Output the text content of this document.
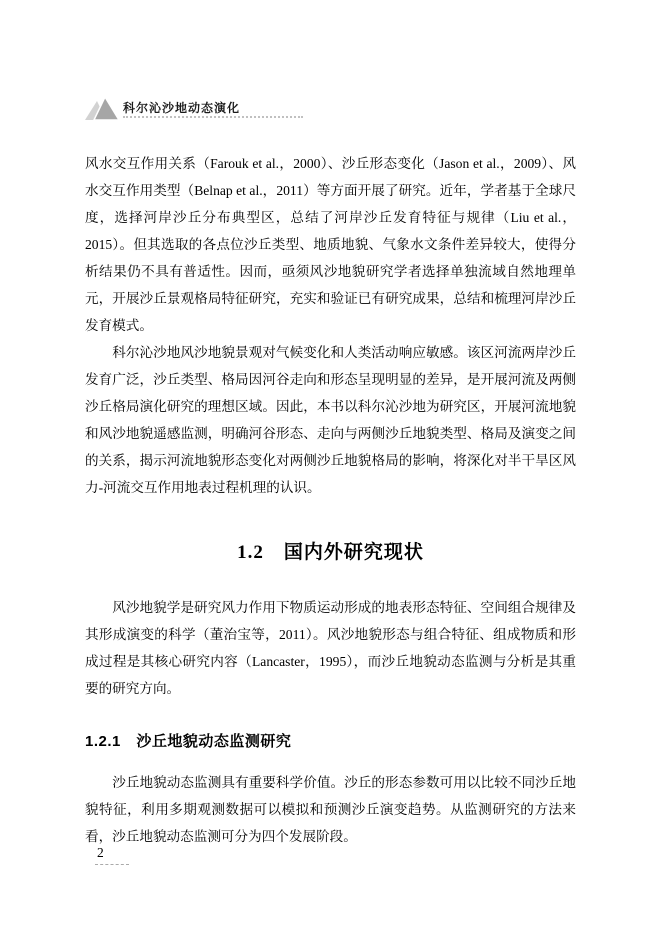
科尔沁沙地动态演化

风水交互作用关系（Farouk et al.，2000）、沙丘形态变化（Jason et al.，2009）、风水交互作用类型（Belnap et al.，2011）等方面开展了研究。近年，学者基于全球尺度，选择河岸沙丘分布典型区，总结了河岸沙丘发育特征与规律（Liu et al.，2015）。但其选取的各点位沙丘类型、地质地貌、气象水文条件差异较大，使得分析结果仍不具有普适性。因而，亟须风沙地貌研究学者选择单独流域自然地理单元，开展沙丘景观格局特征研究，充实和验证已有研究成果，总结和梳理河岸沙丘发育模式。

科尔沁沙地风沙地貌景观对气候变化和人类活动响应敏感。该区河流两岸沙丘发育广泛，沙丘类型、格局因河谷走向和形态呈现明显的差异，是开展河流及两侧沙丘格局演化研究的理想区域。因此，本书以科尔沁沙地为研究区，开展河流地貌和风沙地貌遥感监测，明确河谷形态、走向与两侧沙丘地貌类型、格局及演变之间的关系，揭示河流地貌形态变化对两侧沙丘地貌格局的影响，将深化对半干旱区风力-河流交互作用地表过程机理的认识。

1.2　国内外研究现状

风沙地貌学是研究风力作用下物质运动形成的地表形态特征、空间组合规律及其形成演变的科学（董治宝等，2011）。风沙地貌形态与组合特征、组成物质和形成过程是其核心研究内容（Lancaster，1995），而沙丘地貌动态监测与分析是其重要的研究方向。

1.2.1　沙丘地貌动态监测研究

沙丘地貌动态监测具有重要科学价值。沙丘的形态参数可用以比较不同沙丘地貌特征，利用多期观测数据可以模拟和预测沙丘演变趋势。从监测研究的方法来看，沙丘地貌动态监测可分为四个发展阶段。

2
